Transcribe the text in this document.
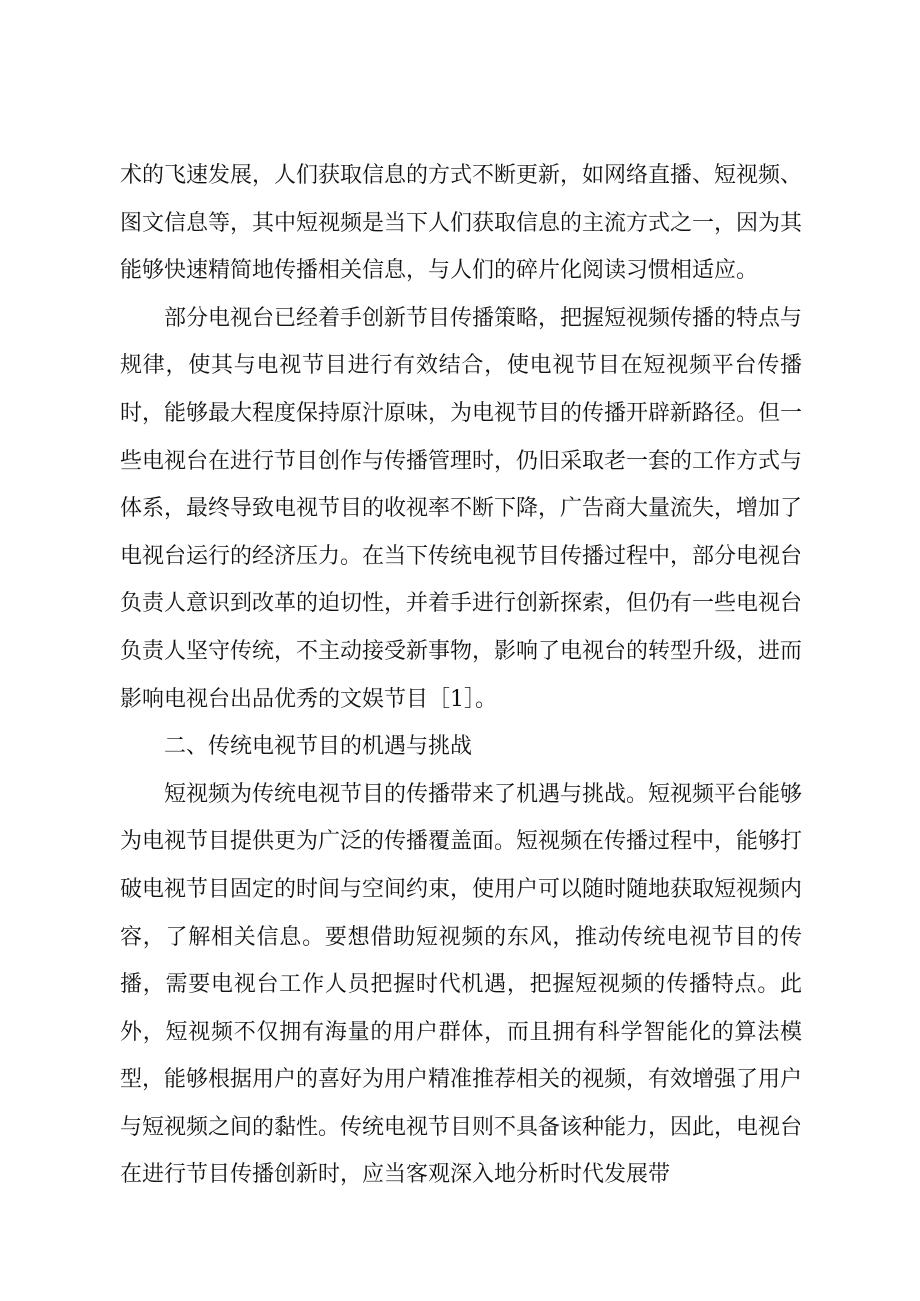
术的飞速发展，人们获取信息的方式不断更新，如网络直播、短视频、图文信息等，其中短视频是当下人们获取信息的主流方式之一，因为其能够快速精简地传播相关信息，与人们的碎片化阅读习惯相适应。

部分电视台已经着手创新节目传播策略，把握短视频传播的特点与规律，使其与电视节目进行有效结合，使电视节目在短视频平台传播时，能够最大程度保持原汁原味，为电视节目的传播开辟新路径。但一些电视台在进行节目创作与传播管理时，仍旧采取老一套的工作方式与体系，最终导致电视节目的收视率不断下降，广告商大量流失，增加了电视台运行的经济压力。在当下传统电视节目传播过程中，部分电视台负责人意识到改革的迫切性，并着手进行创新探索，但仍有一些电视台负责人坚守传统，不主动接受新事物，影响了电视台的转型升级，进而影响电视台出品优秀的文娱节目［1］。

二、传统电视节目的机遇与挑战

短视频为传统电视节目的传播带来了机遇与挑战。短视频平台能够为电视节目提供更为广泛的传播覆盖面。短视频在传播过程中，能够打破电视节目固定的时间与空间约束，使用户可以随时随地获取短视频内容，了解相关信息。要想借助短视频的东风，推动传统电视节目的传播，需要电视台工作人员把握时代机遇，把握短视频的传播特点。此外，短视频不仅拥有海量的用户群体，而且拥有科学智能化的算法模型，能够根据用户的喜好为用户精准推荐相关的视频，有效增强了用户与短视频之间的黏性。传统电视节目则不具备该种能力，因此，电视台在进行节目传播创新时，应当客观深入地分析时代发展带
